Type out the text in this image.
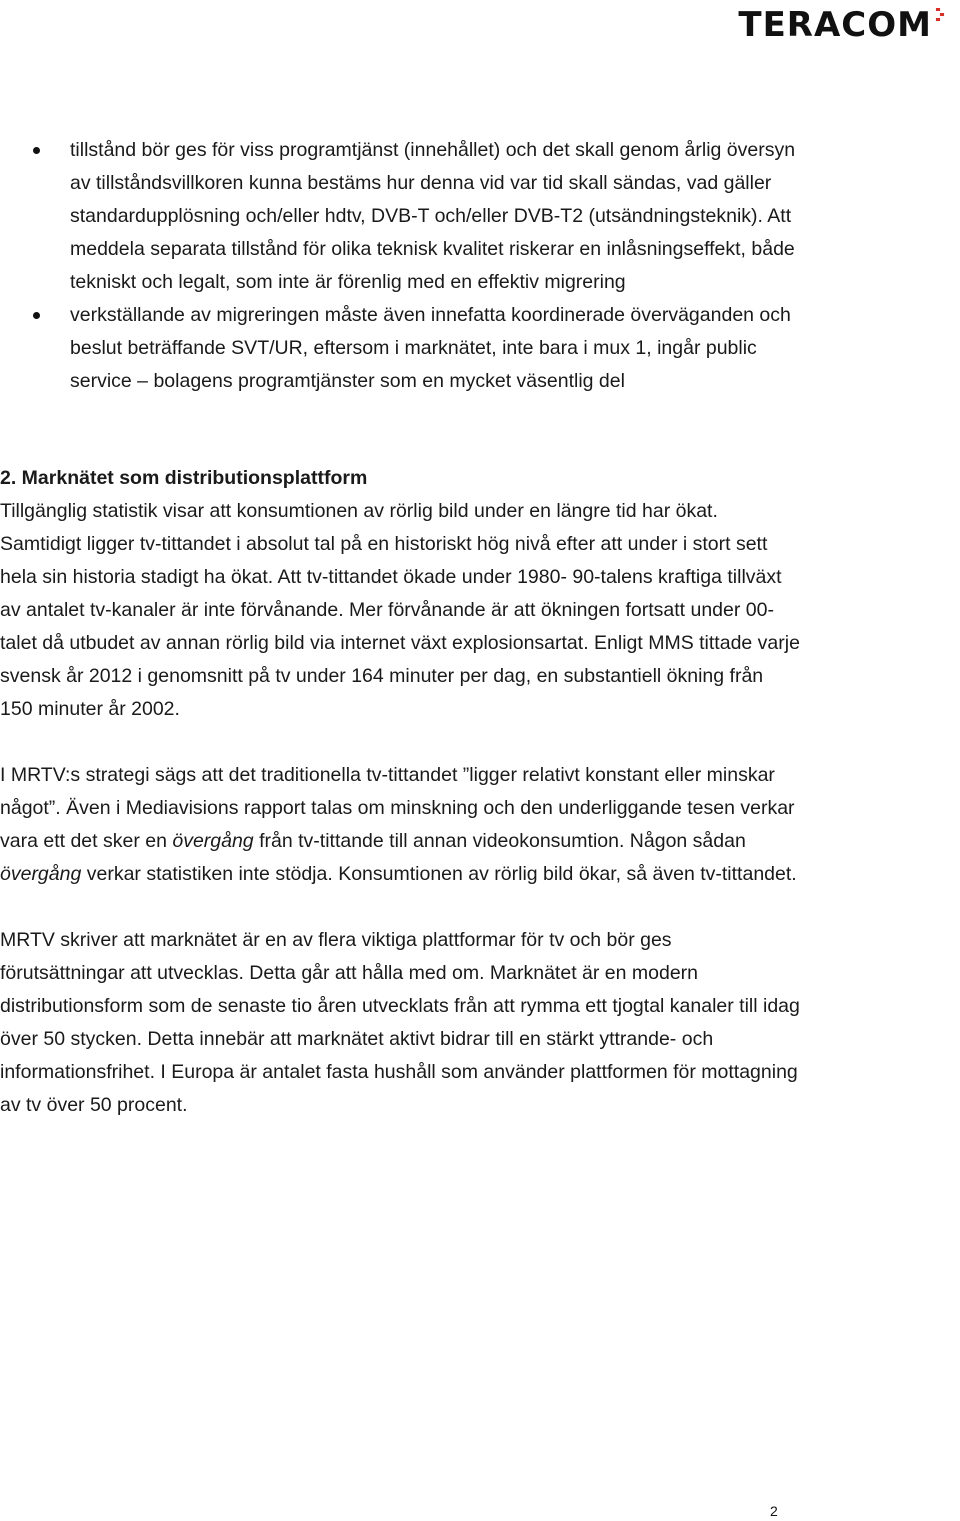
TERACOM
tillstånd bör ges för viss programtjänst (innehållet) och det skall genom årlig översyn av tillståndsvillkoren kunna bestäms hur denna vid var tid skall sändas, vad gäller standardupplösning och/eller hdtv, DVB-T och/eller DVB-T2 (utsändningsteknik). Att meddela separata tillstånd för olika teknisk kvalitet riskerar en inlåsningseffekt, både tekniskt och legalt, som inte är förenlig med en effektiv migrering
verkställande av migreringen måste även innefatta koordinerade överväganden och beslut beträffande SVT/UR, eftersom i marknätet, inte bara i mux 1, ingår public service – bolagens programtjänster som en mycket väsentlig del
2. Marknätet som distributionsplattform

Tillgänglig statistik visar att konsumtionen av rörlig bild under en längre tid har ökat. Samtidigt ligger tv-tittandet i absolut tal på en historiskt hög nivå efter att under i stort sett hela sin historia stadigt ha ökat. Att tv-tittandet ökade under 1980- 90-talens kraftiga tillväxt av antalet tv-kanaler är inte förvånande. Mer förvånande är att ökningen fortsatt under 00-talet då utbudet av annan rörlig bild via internet växt explosionsartat. Enligt MMS tittade varje svensk år 2012 i genomsnitt på tv under 164 minuter per dag, en substantiell ökning från 150 minuter år 2002.

I MRTV:s strategi sägs att det traditionella tv-tittandet ”ligger relativt konstant eller minskar något”. Även i Mediavisions rapport talas om minskning och den underliggande tesen verkar vara ett det sker en övergång från tv-tittande till annan videokonsumtion. Någon sådan övergång verkar statistiken inte stödja. Konsumtionen av rörlig bild ökar, så även tv-tittandet.

MRTV skriver att marknätet är en av flera viktiga plattformar för tv och bör ges förutsättningar att utvecklas. Detta går att hålla med om. Marknätet är en modern distributionsform som de senaste tio åren utvecklats från att rymma ett tjogtal kanaler till idag över 50 stycken. Detta innebär att marknätet aktivt bidrar till en stärkt yttrande- och informationsfrihet. I Europa är antalet fasta hushåll som använder plattformen för mottagning av tv över 50 procent.

2
